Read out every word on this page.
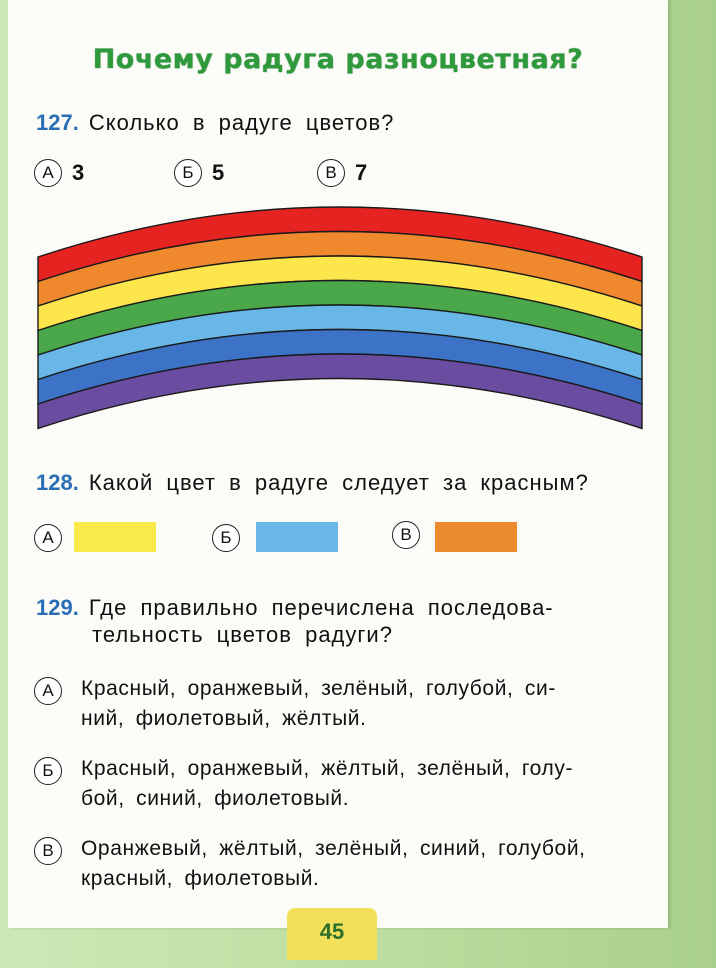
Почему радуга разноцветная?
127. Сколько в радуге цветов?
А 3	Б 5	В 7
128. Какой цвет в радуге следует за красным?
А	Б	В
129. Где правильно перечислена последова-
тельность цветов радуги?
А	Красный, оранжевый, зелёный, голубой, си-
ний, фиолетовый, жёлтый.
Б	Красный, оранжевый, жёлтый, зелёный, голу-
бой, синий, фиолетовый.
В	Оранжевый, жёлтый, зелёный, синий, голубой,
красный, фиолетовый.
45
